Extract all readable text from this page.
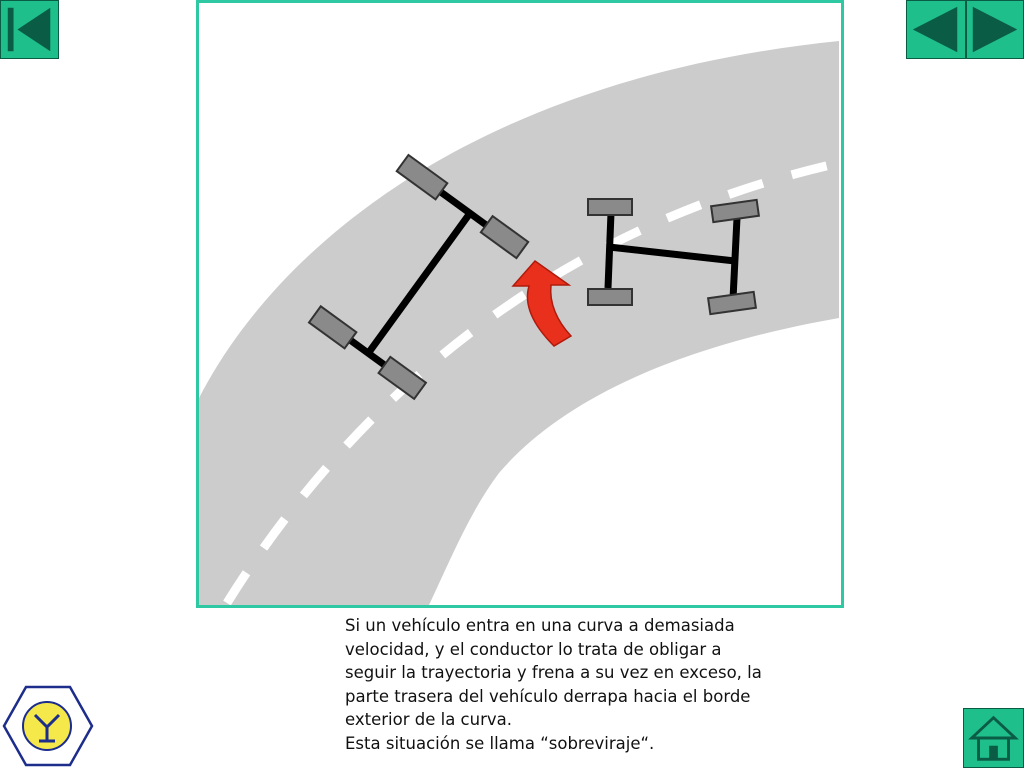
Si un vehículo entra en una curva a demasiada velocidad, y el conductor lo trata de obligar a seguir la trayectoria y frena a su vez en exceso, la parte trasera del vehículo derrapa hacia el borde exterior de la curva.

Esta situación se llama “sobreviraje“.
